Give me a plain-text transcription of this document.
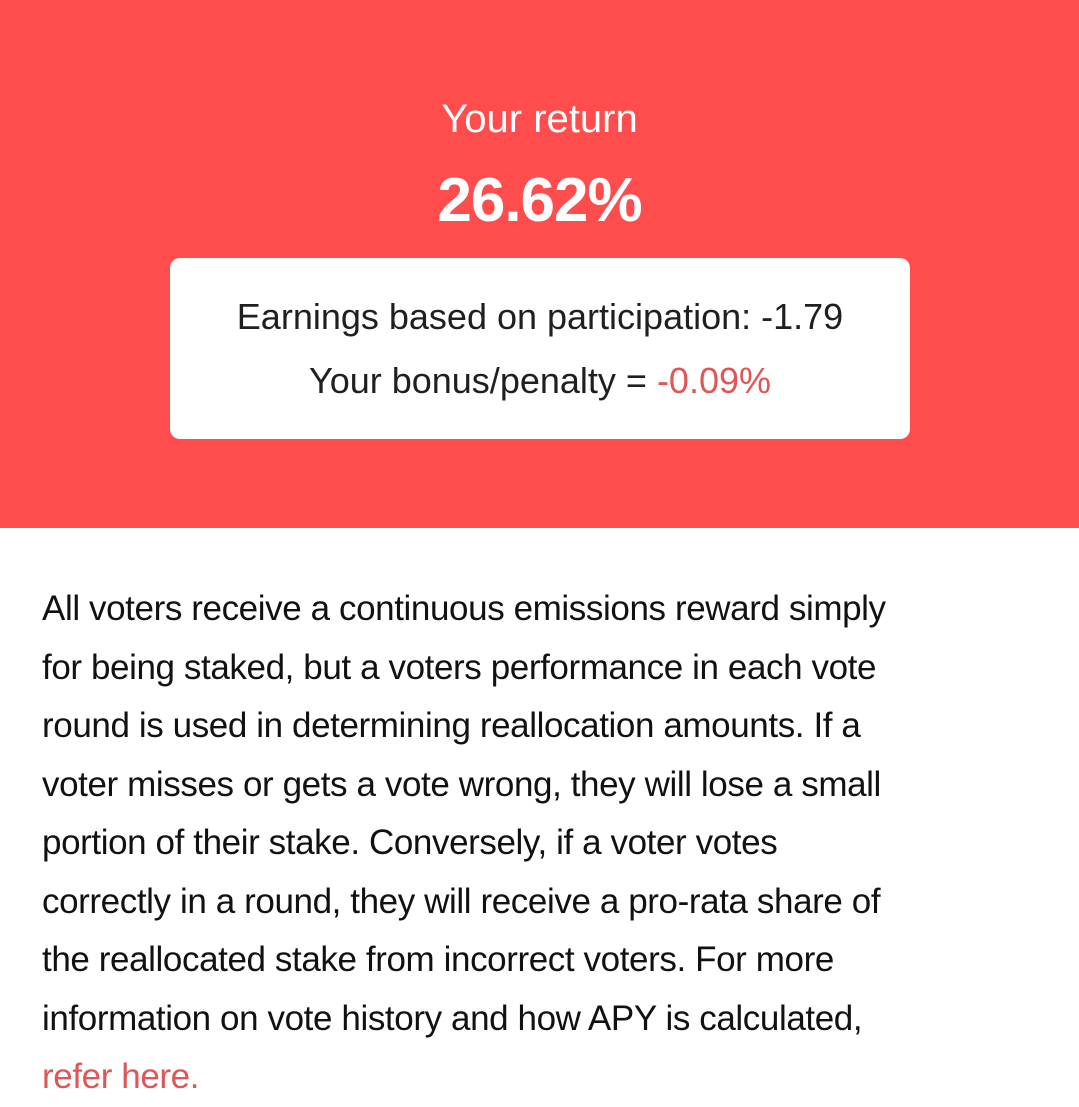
Your return
26.62%
Earnings based on participation: -1.79
Your bonus/penalty = -0.09%
All voters receive a continuous emissions reward simply
for being staked, but a voters performance in each vote
round is used in determining reallocation amounts. If a
voter misses or gets a vote wrong, they will lose a small
portion of their stake. Conversely, if a voter votes
correctly in a round, they will receive a pro-rata share of
the reallocated stake from incorrect voters. For more
information on vote history and how APY is calculated,
refer here.
